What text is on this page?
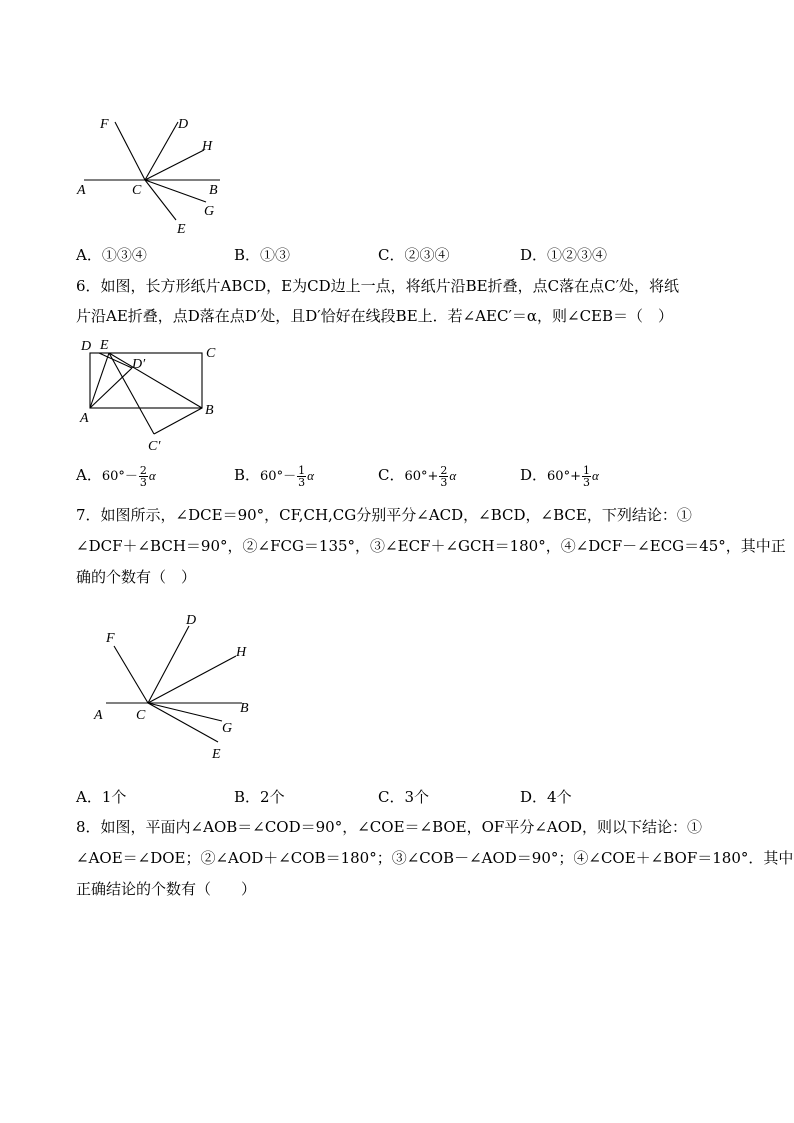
F	D
H
A	C	B
G
E
A．①③④	B．①③	C．②③④	D．①②③④
6．如图，长方形纸片ABCD，E为CD边上一点，将纸片沿BE折叠，点C落在点C′处，将纸
片沿AE折叠，点D落在点D′处，且D′恰好在线段BE上．若∠AEC′＝α，则∠CEB＝（　）
D E
D′
C
A
B
C′
A．$60^\circ- \frac{2}{3}$ α	B．$60^\circ- \frac{1}{3}$ α	C．$60^\circ+ \frac{2}{3}$ α	D．$60^\circ+ \frac{1}{3}$ α
7．如图所示，∠DCE＝90°，CF,CH,CG分别平分∠ACD，∠BCD，∠BCE，下列结论：①
∠DCF＋∠BCH＝90°，②∠FCG＝135°，③∠ECF＋∠GCH＝180°，④∠DCF－∠ECG＝45°，其中正
确的个数有（　）
F
D
H
A C	B
G
E
A．1个	B．2个	C．3个	D．4个
8．如图，平面内∠AOB＝∠COD＝90°，∠COE＝∠BOE，OF平分∠AOD，则以下结论：①
∠AOE＝∠DOE；②∠AOD＋∠COB＝180°；③∠COB－∠AOD＝90°；④∠COE＋∠BOF＝180°．其中
正确结论的个数有（　　）
